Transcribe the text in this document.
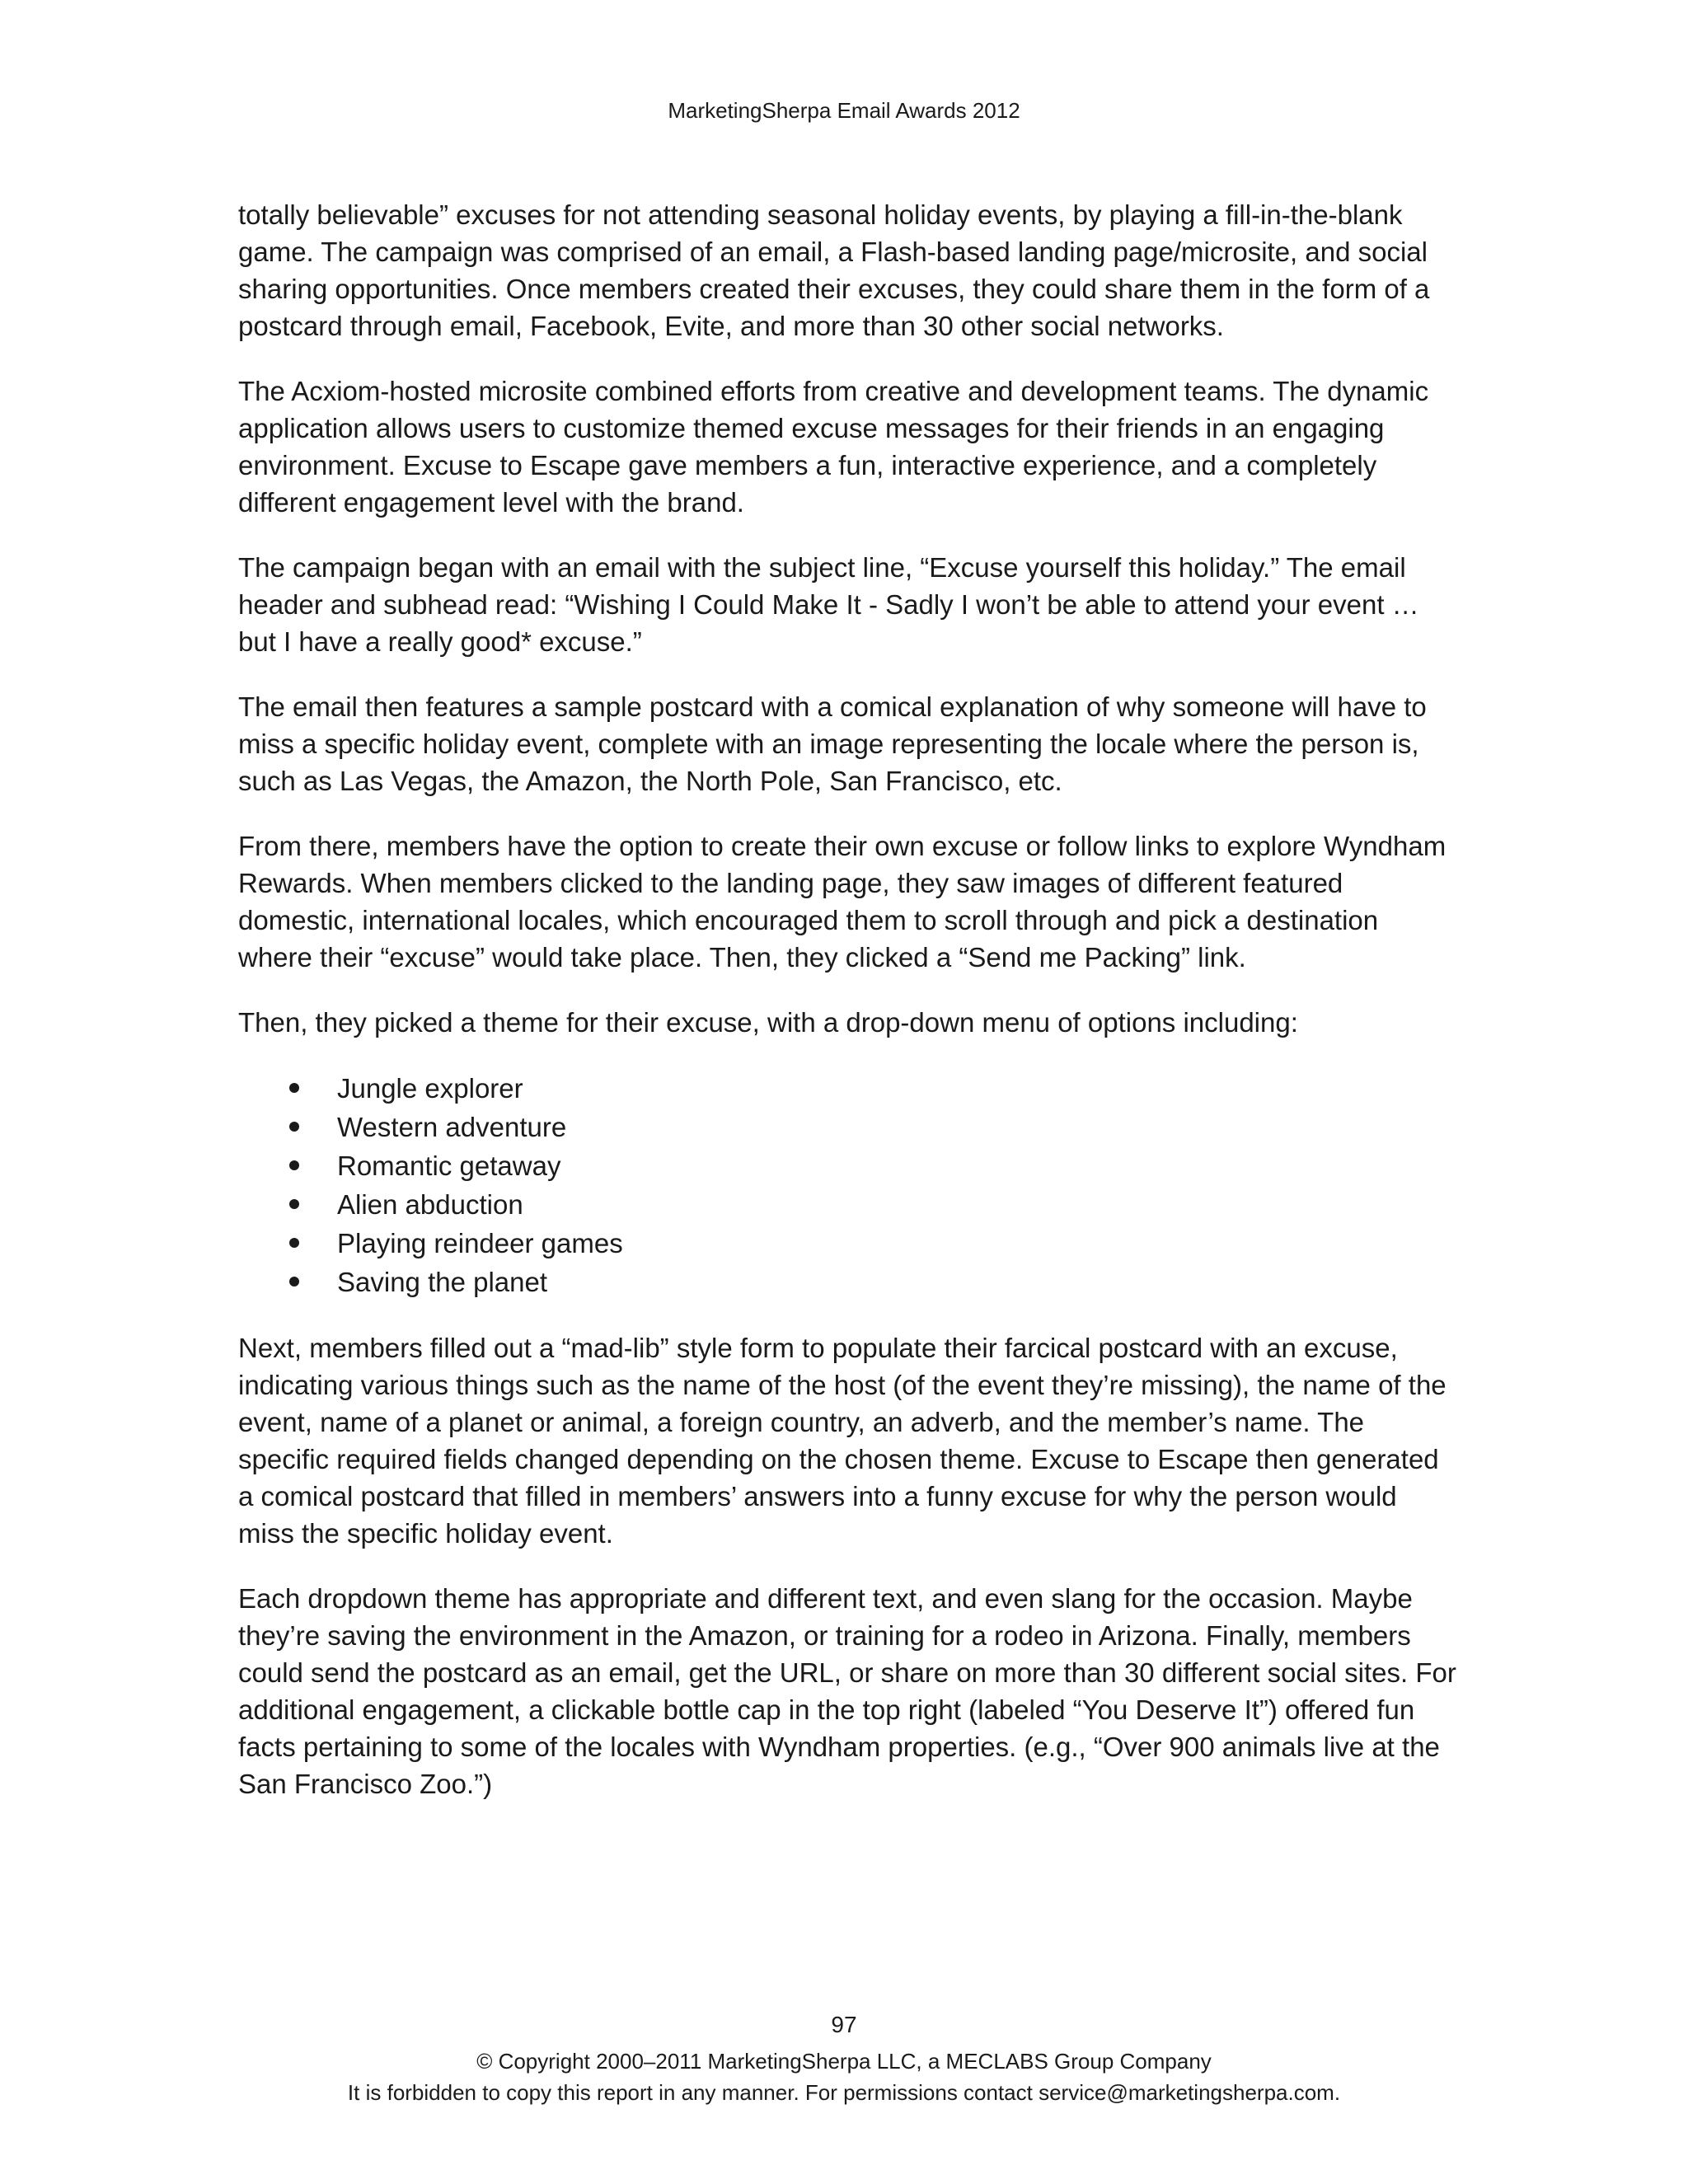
MarketingSherpa Email Awards 2012

totally believable” excuses for not attending seasonal holiday events, by playing a fill-in-the-blank game. The campaign was comprised of an email, a Flash-based landing page/microsite, and social sharing opportunities. Once members created their excuses, they could share them in the form of a postcard through email, Facebook, Evite, and more than 30 other social networks.

The Acxiom-hosted microsite combined efforts from creative and development teams. The dynamic application allows users to customize themed excuse messages for their friends in an engaging environment. Excuse to Escape gave members a fun, interactive experience, and a completely different engagement level with the brand.

The campaign began with an email with the subject line, “Excuse yourself this holiday.” The email header and subhead read: “Wishing I Could Make It - Sadly I won’t be able to attend your event … but I have a really good* excuse.”

The email then features a sample postcard with a comical explanation of why someone will have to miss a specific holiday event, complete with an image representing the locale where the person is, such as Las Vegas, the Amazon, the North Pole, San Francisco, etc.

From there, members have the option to create their own excuse or follow links to explore Wyndham Rewards. When members clicked to the landing page, they saw images of different featured domestic, international locales, which encouraged them to scroll through and pick a destination where their “excuse” would take place. Then, they clicked a “Send me Packing” link.

Then, they picked a theme for their excuse, with a drop-down menu of options including:

Jungle explorer
Western adventure
Romantic getaway
Alien abduction
Playing reindeer games
Saving the planet

Next, members filled out a “mad-lib” style form to populate their farcical postcard with an excuse, indicating various things such as the name of the host (of the event they’re missing), the name of the event, name of a planet or animal, a foreign country, an adverb, and the member’s name. The specific required fields changed depending on the chosen theme. Excuse to Escape then generated a comical postcard that filled in members’ answers into a funny excuse for why the person would miss the specific holiday event.

Each dropdown theme has appropriate and different text, and even slang for the occasion. Maybe they’re saving the environment in the Amazon, or training for a rodeo in Arizona. Finally, members could send the postcard as an email, get the URL, or share on more than 30 different social sites. For additional engagement, a clickable bottle cap in the top right (labeled “You Deserve It”) offered fun facts pertaining to some of the locales with Wyndham properties. (e.g., “Over 900 animals live at the San Francisco Zoo.”)

97
© Copyright 2000–2011 MarketingSherpa LLC, a MECLABS Group Company
It is forbidden to copy this report in any manner. For permissions contact service@marketingsherpa.com.
